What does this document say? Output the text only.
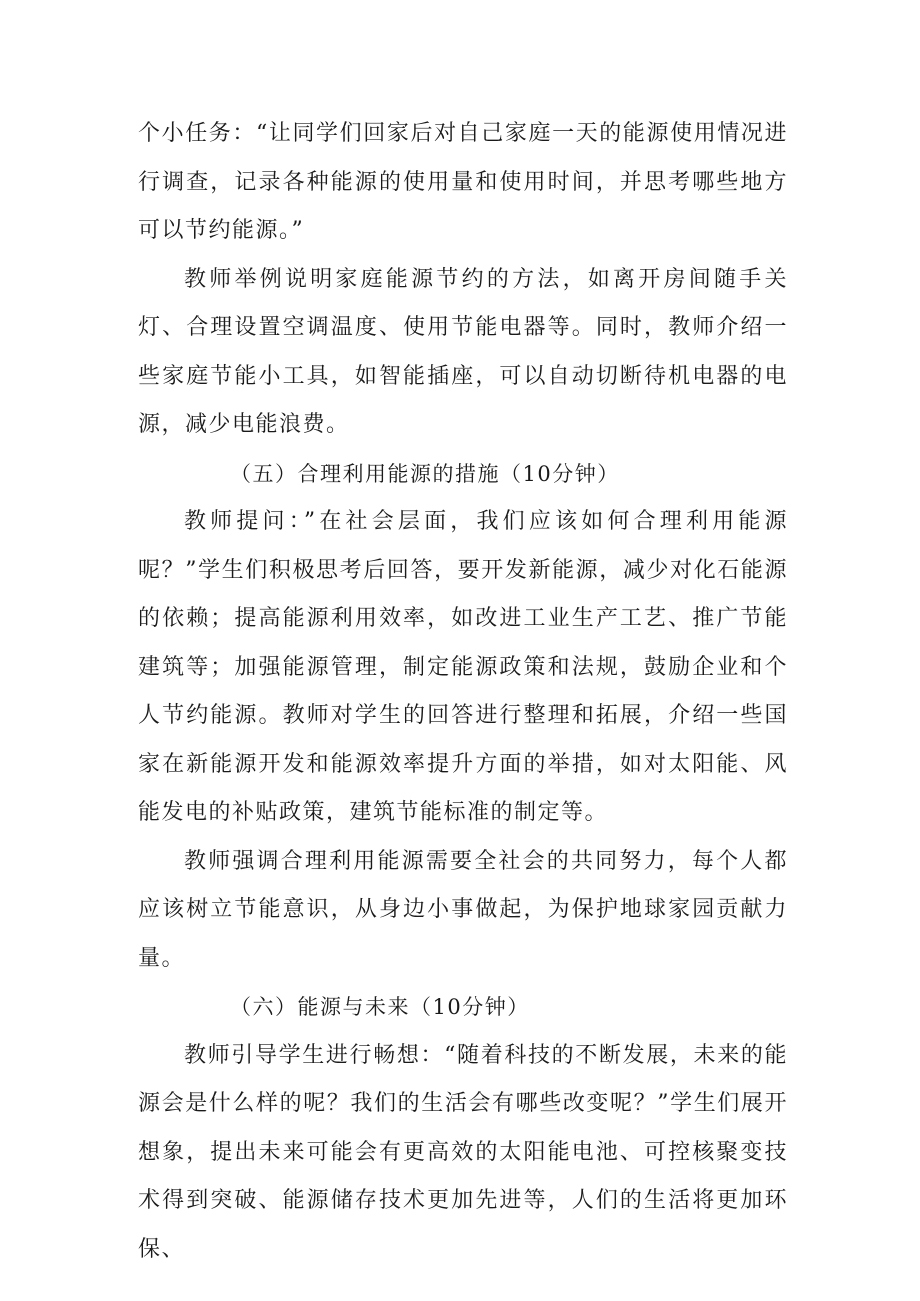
个小任务：“让同学们回家后对自己家庭一天的能源使用情况进行调查，记录各种能源的使用量和使用时间，并思考哪些地方可以节约能源。”

教师举例说明家庭能源节约的方法，如离开房间随手关灯、合理设置空调温度、使用节能电器等。同时，教师介绍一些家庭节能小工具，如智能插座，可以自动切断待机电器的电源，减少电能浪费。

（五）合理利用能源的措施（10分钟）

教师提问：”在社会层面，我们应该如何合理利用能源呢？”学生们积极思考后回答，要开发新能源，减少对化石能源的依赖；提高能源利用效率，如改进工业生产工艺、推广节能建筑等；加强能源管理，制定能源政策和法规，鼓励企业和个人节约能源。教师对学生的回答进行整理和拓展，介绍一些国家在新能源开发和能源效率提升方面的举措，如对太阳能、风能发电的补贴政策，建筑节能标准的制定等。

教师强调合理利用能源需要全社会的共同努力，每个人都应该树立节能意识，从身边小事做起，为保护地球家园贡献力量。

（六）能源与未来（10分钟）

教师引导学生进行畅想：“随着科技的不断发展，未来的能源会是什么样的呢？我们的生活会有哪些改变呢？”学生们展开想象，提出未来可能会有更高效的太阳能电池、可控核聚变技术得到突破、能源储存技术更加先进等，人们的生活将更加环保、
